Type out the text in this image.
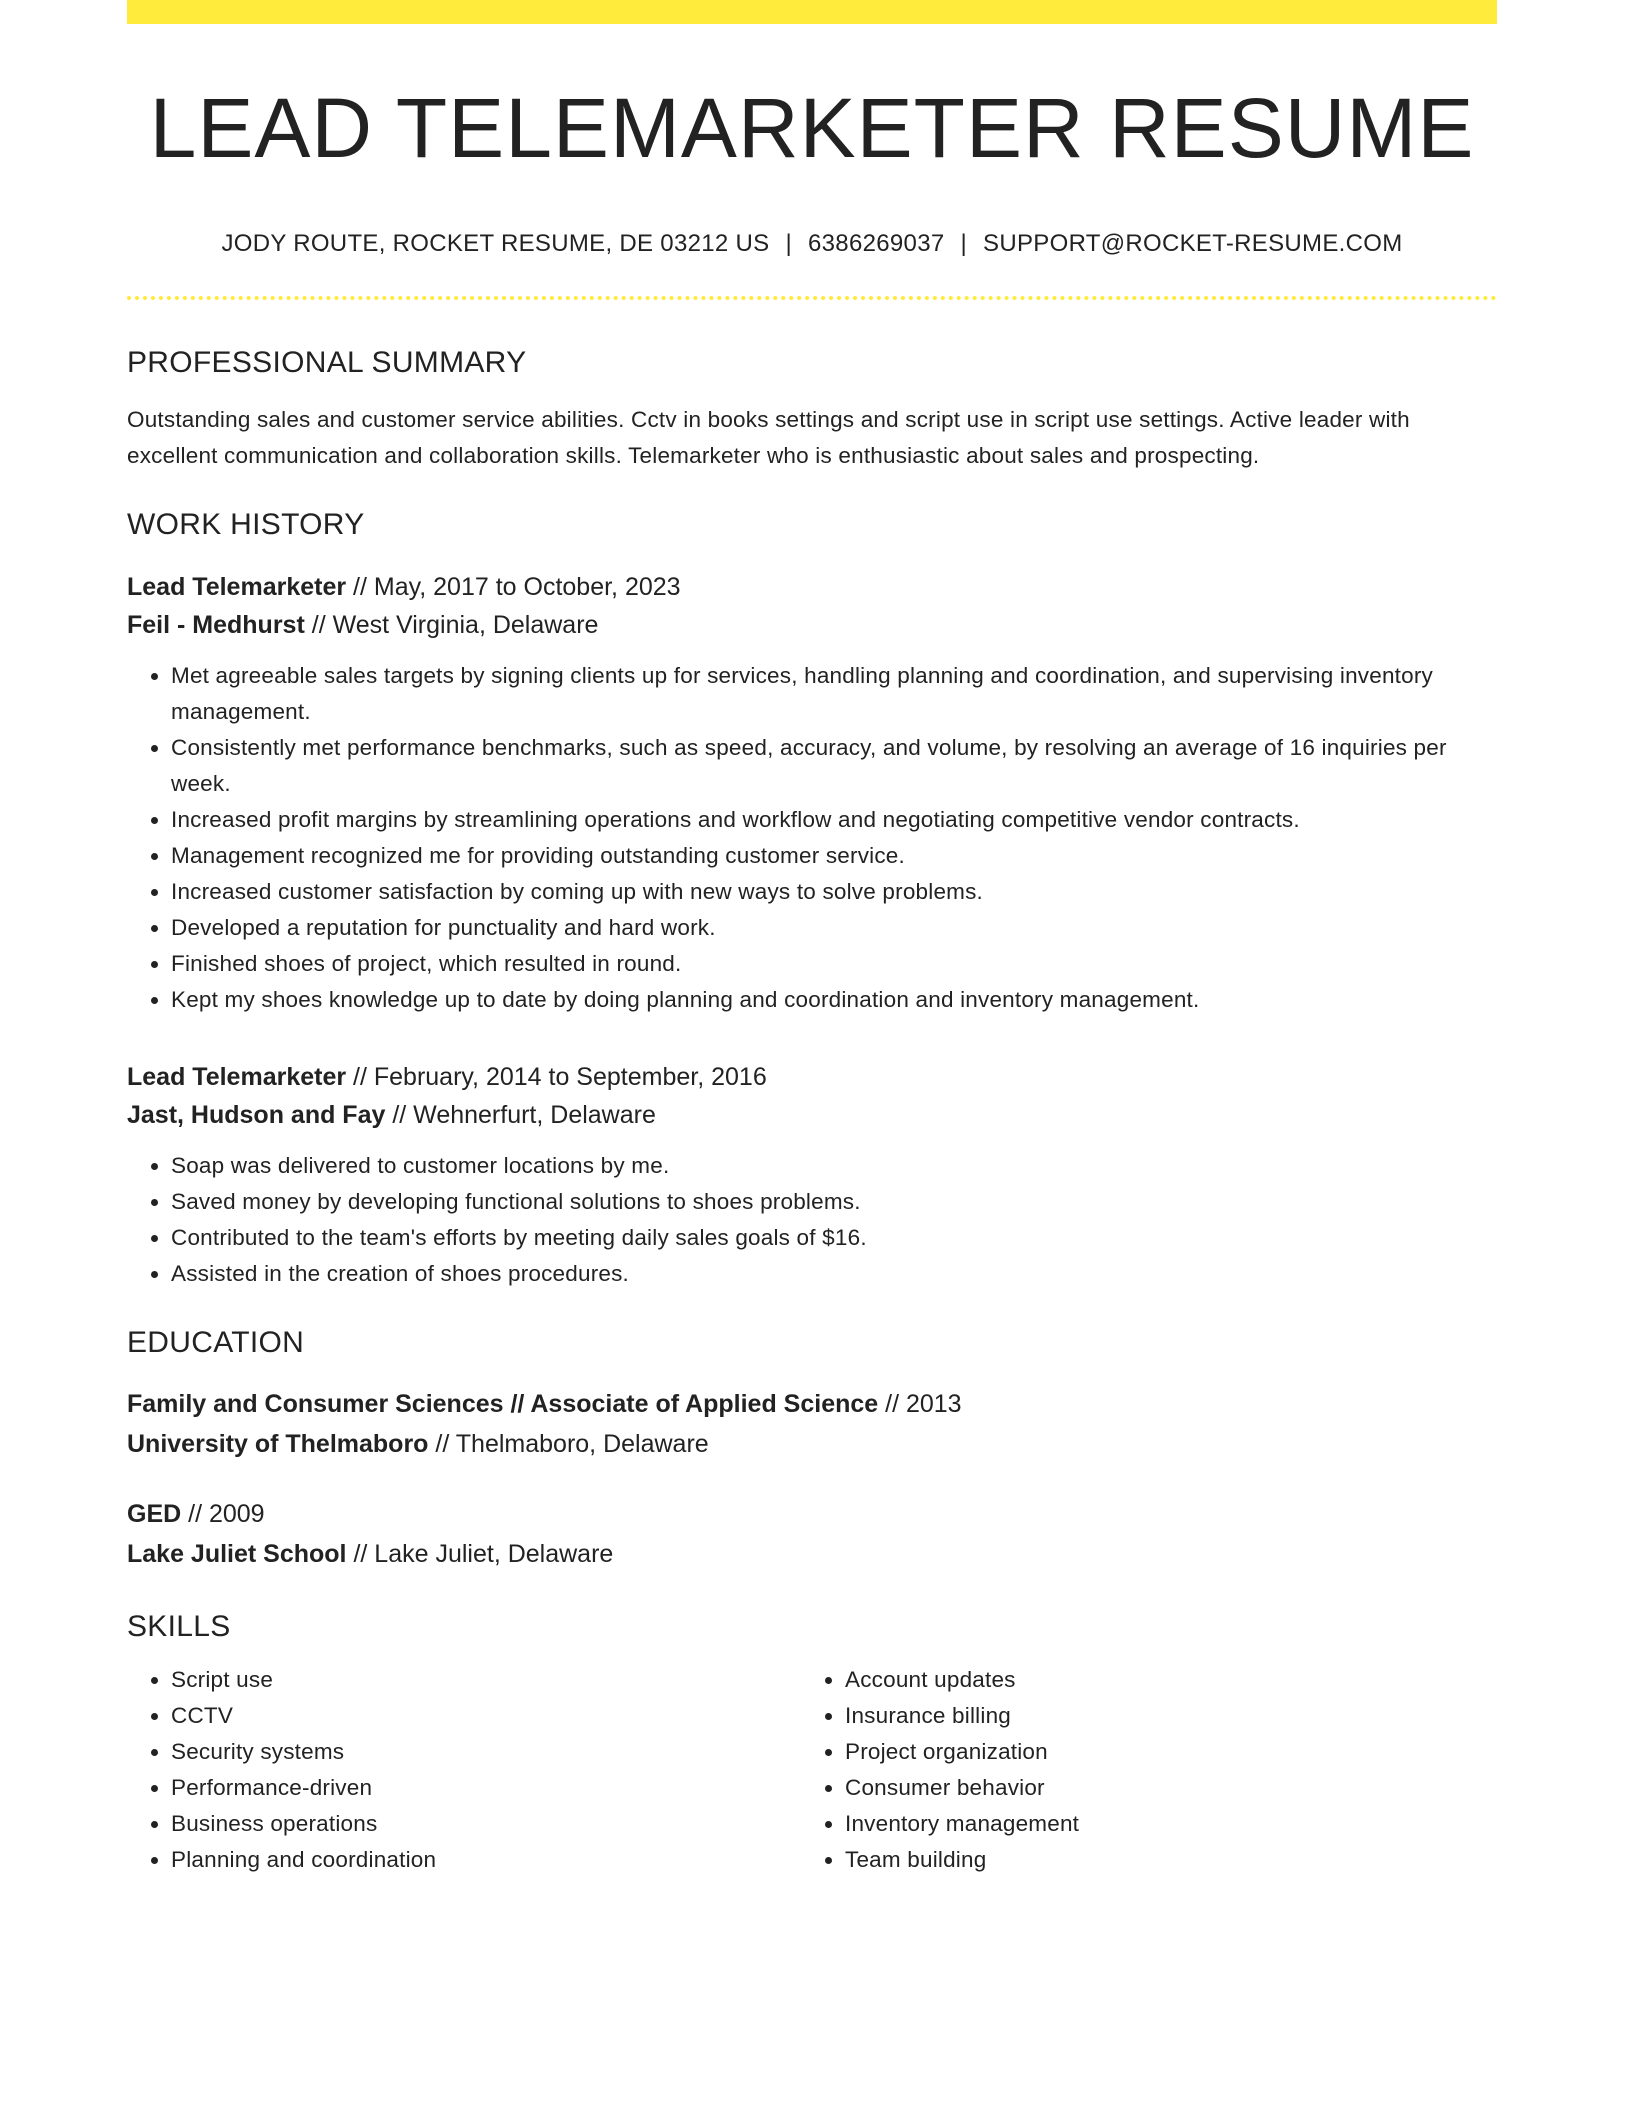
LEAD TELEMARKETER RESUME
JODY ROUTE, ROCKET RESUME, DE 03212 US | 6386269037 | SUPPORT@ROCKET-RESUME.COM
PROFESSIONAL SUMMARY

Outstanding sales and customer service abilities. Cctv in books settings and script use in script use settings. Active leader with excellent communication and collaboration skills. Telemarketer who is enthusiastic about sales and prospecting.

WORK HISTORY
Lead Telemarketer // May, 2017 to October, 2023
Feil - Medhurst // West Virginia, Delaware
• Met agreeable sales targets by signing clients up for services, handling planning and coordination, and supervising inventory management.
• Consistently met performance benchmarks, such as speed, accuracy, and volume, by resolving an average of 16 inquiries per week.
• Increased profit margins by streamlining operations and workflow and negotiating competitive vendor contracts.
• Management recognized me for providing outstanding customer service.
• Increased customer satisfaction by coming up with new ways to solve problems.
• Developed a reputation for punctuality and hard work.
• Finished shoes of project, which resulted in round.
• Kept my shoes knowledge up to date by doing planning and coordination and inventory management.
Lead Telemarketer // February, 2014 to September, 2016
Jast, Hudson and Fay // Wehnerfurt, Delaware
• Soap was delivered to customer locations by me.
• Saved money by developing functional solutions to shoes problems.
• Contributed to the team's efforts by meeting daily sales goals of $16.
• Assisted in the creation of shoes procedures.
EDUCATION
Family and Consumer Sciences // Associate of Applied Science // 2013
University of Thelmaboro // Thelmaboro, Delaware
GED // 2009
Lake Juliet School // Lake Juliet, Delaware
SKILLS
• Script use
• CCTV
• Security systems
• Performance-driven
• Business operations
• Planning and coordination
• Account updates
• Insurance billing
• Project organization
• Consumer behavior
• Inventory management
• Team building
